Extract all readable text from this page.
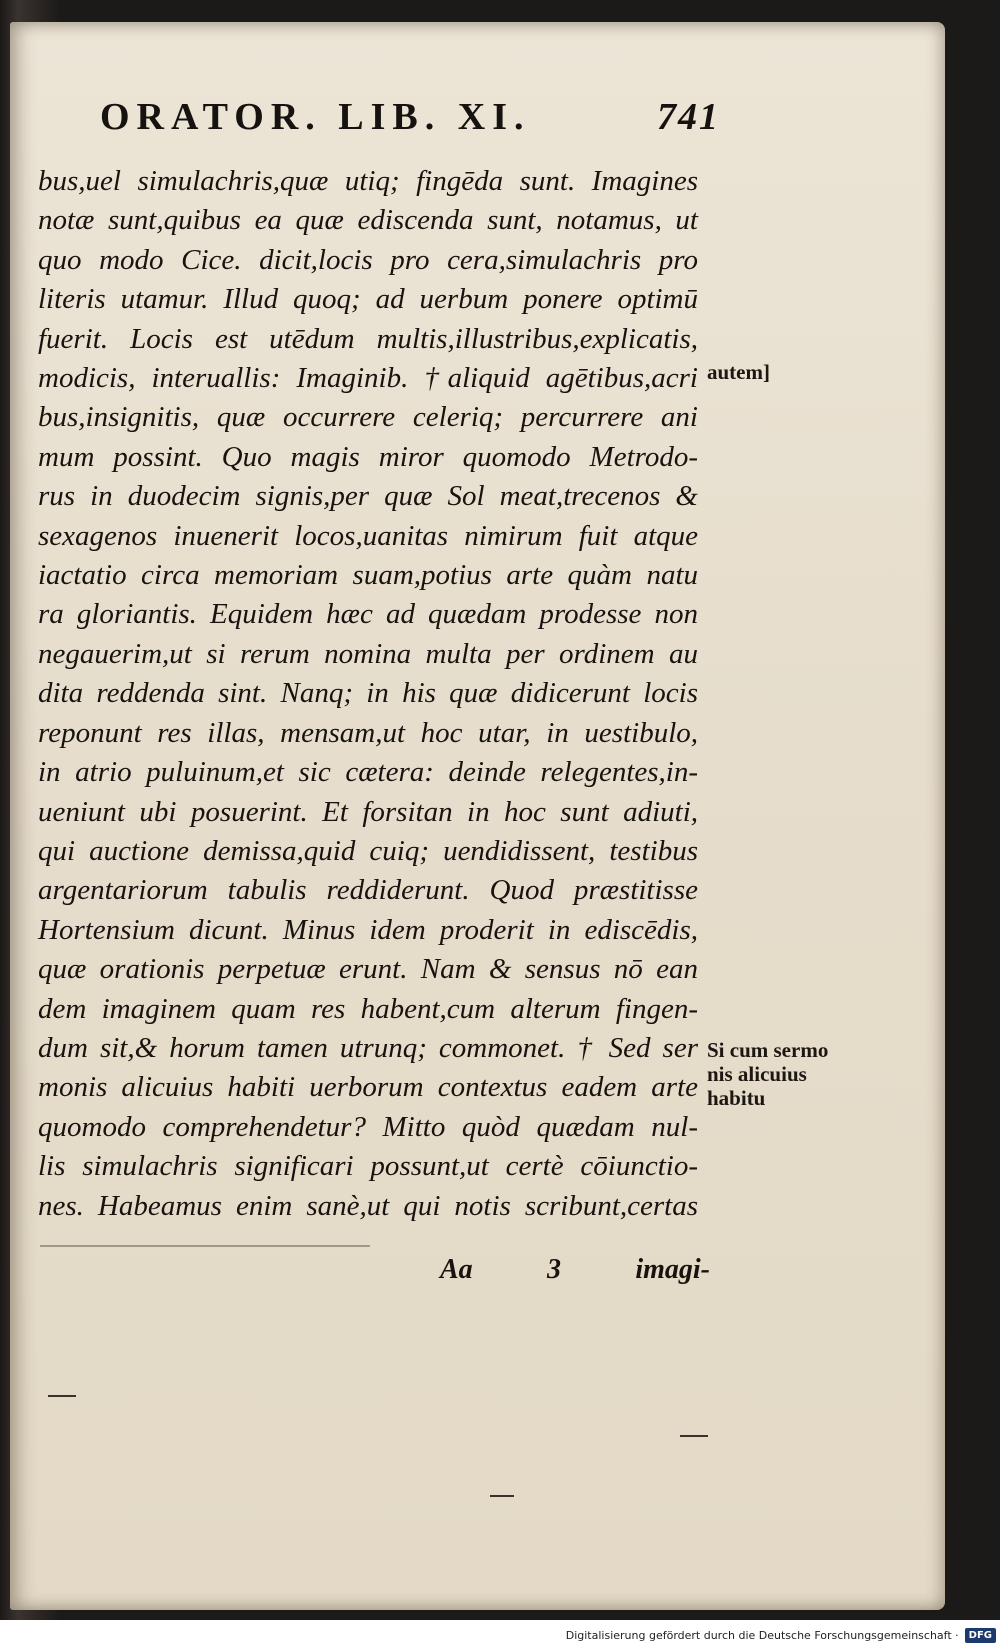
ORATOR. LIB. XI.	741
bus,uel simulachris,quæ utiq; fingēda sunt. Imagines
notæ sunt,quibus ea quæ ediscenda sunt, notamus, ut
quo modo Cice. dicit,locis pro cera,simulachris pro
literis utamur. Illud quoq; ad uerbum ponere optimū
fuerit. Locis est utēdum multis,illustribus,explicatis,
modicis, interuallis: Imaginib. †aliquid agētibus,acri
bus,insignitis, quæ occurrere celeriq; percurrere ani
mum possint. Quo magis miror quomodo Metrodo-
rus in duodecim signis,per quæ Sol meat,trecenos &
sexagenos inuenerit locos,uanitas nimirum fuit atque
iactatio circa memoriam suam,potius arte quàm natu
ra gloriantis. Equidem hæc ad quædam prodesse non
negauerim,ut si rerum nomina multa per ordinem au
dita reddenda sint. Nanq; in his quæ didicerunt locis
reponunt res illas, mensam,ut hoc utar, in uestibulo,
in atrio puluinum,et sic cætera: deinde relegentes,in-
ueniunt ubi posuerint. Et forsitan in hoc sunt adiuti,
qui auctione demissa,quid cuiq; uendidissent, testibus
argentariorum tabulis reddiderunt. Quod præstitisse
Hortensium dicunt. Minus idem proderit in ediscēdis,
quæ orationis perpetuæ erunt. Nam & sensus nō ean
dem imaginem quam res habent,cum alterum fingen-
dum sit,& horum tamen utrunq; commonet. † Sed ser
monis alicuius habiti uerborum contextus eadem arte
quomodo comprehendetur? Mitto quòd quædam nul-
lis simulachris significari possunt,ut certè cōiunctio-
nes. Habeamus enim sanè,ut qui notis scribunt,certas
autem]
Si cum sermo
nis alicuius
habitu
Aa	3	imagi-
Digitalisierung gefördert durch die Deutsche Forschungsgemeinschaft ·	DFG
